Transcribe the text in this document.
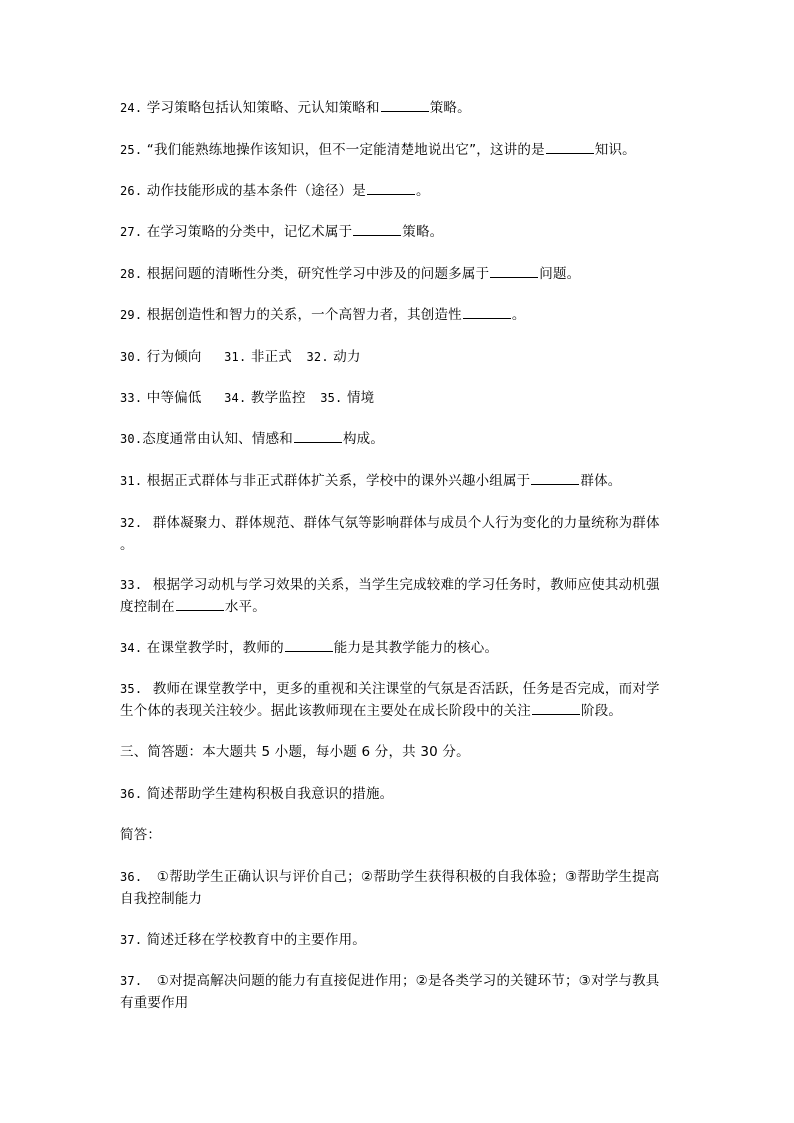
24. 学习策略包括认知策略、元认知策略和	策略。
25. “我们能熟练地操作该知识，但不一定能清楚地说出它”，这讲的是	知识。
26. 动作技能形成的基本条件（途径）是	。
27. 在学习策略的分类中，记忆术属于	策略。
28. 根据问题的清晰性分类，研究性学习中涉及的问题多属于	问题。
29. 根据创造性和智力的关系，一个高智力者，其创造性	。
30. 行为倾向 31. 非正式 32. 动力
33. 中等偏低 34. 教学监控 35. 情境
30.态度通常由认知、情感和	构成。
31. 根据正式群体与非正式群体扩关系，学校中的课外兴趣小组属于	群体。
32. 群体凝聚力、群体规范、群体气氛等影响群体与成员个人行为变化的力量统称为群体
。
33. 根据学习动机与学习效果的关系，当学生完成较难的学习任务时，教师应使其动机强
度控制在	水平。
34. 在课堂教学时，教师的	能力是其教学能力的核心。
35. 教师在课堂教学中，更多的重视和关注课堂的气氛是否活跃，任务是否完成，而对学
生个体的表现关注较少。据此该教师现在主要处在成长阶段中的关注	阶段。
三、简答题：本大题共 5 小题，每小题 6 分，共 30 分。
36. 简述帮助学生建构积极自我意识的措施。
简答：
36. ①帮助学生正确认识与评价自己；②帮助学生获得积极的自我体验；③帮助学生提高
自我控制能力
37. 简述迁移在学校教育中的主要作用。
37. ①对提高解决问题的能力有直接促进作用；②是各类学习的关键环节；③对学与教具
有重要作用
